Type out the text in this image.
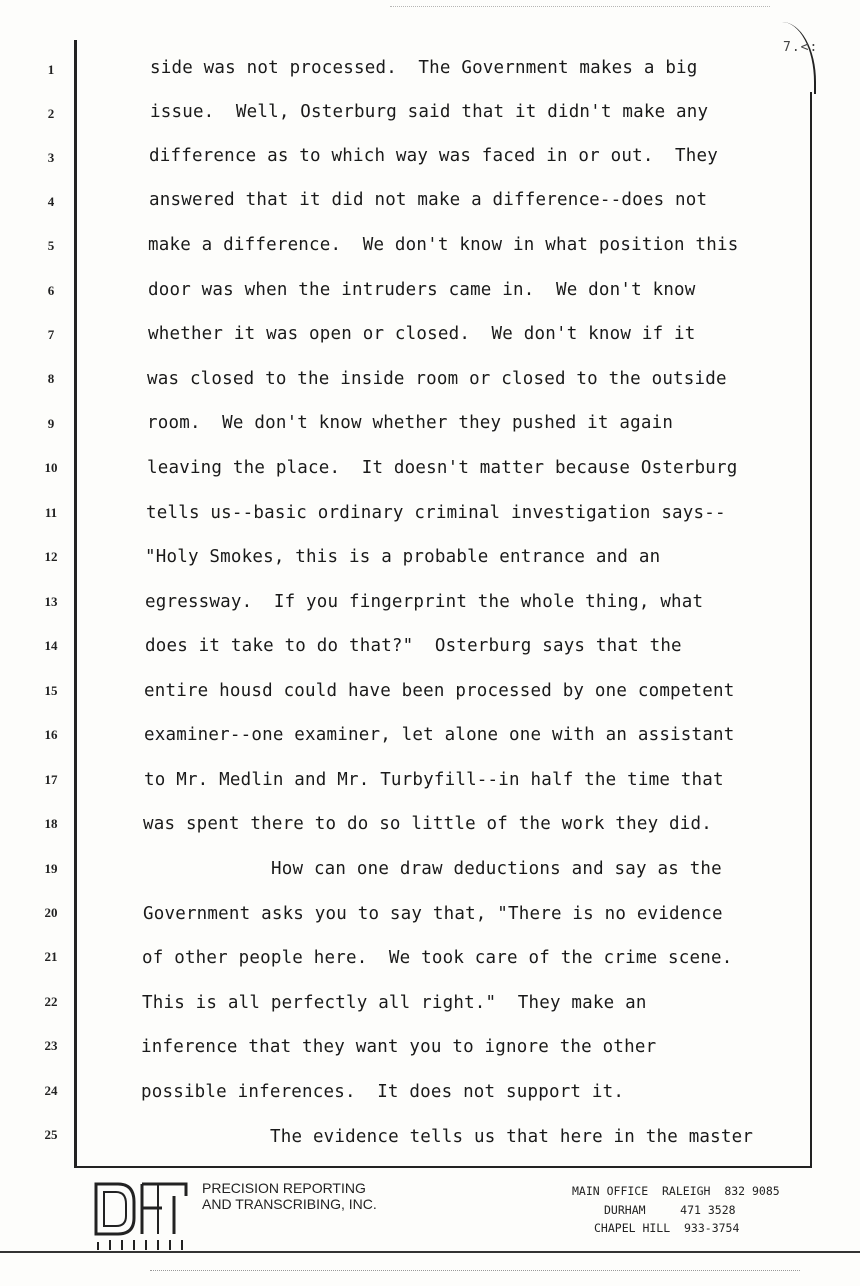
7.<:
1
2
3
4
5
6
7
8
9
10
11
12
13
14
15
16
17
18
19
20
21
22
23
24
25
side was not processed.  The Government makes a big
issue.  Well, Osterburg said that it didn't make any
difference as to which way was faced in or out.  They
answered that it did not make a difference--does not
make a difference.  We don't know in what position this
door was when the intruders came in.  We don't know
whether it was open or closed.  We don't know if it
was closed to the inside room or closed to the outside
room.  We don't know whether they pushed it again
leaving the place.  It doesn't matter because Osterburg
tells us--basic ordinary criminal investigation says--
"Holy Smokes, this is a probable entrance and an
egressway.  If you fingerprint the whole thing, what
does it take to do that?"  Osterburg says that the
entire housd could have been processed by one competent
examiner--one examiner, let alone one with an assistant
to Mr. Medlin and Mr. Turbyfill--in half the time that
was spent there to do so little of the work they did.
How can one draw deductions and say as the
Government asks you to say that, "There is no evidence
of other people here.  We took care of the crime scene.
This is all perfectly all right."  They make an
inference that they want you to ignore the other
possible inferences.  It does not support it.
The evidence tells us that here in the master
PRECISION REPORTING
AND TRANSCRIBING, INC.
MAIN OFFICE  RALEIGH  832 9085
DURHAM     471 3528
CHAPEL HILL  933-3754
